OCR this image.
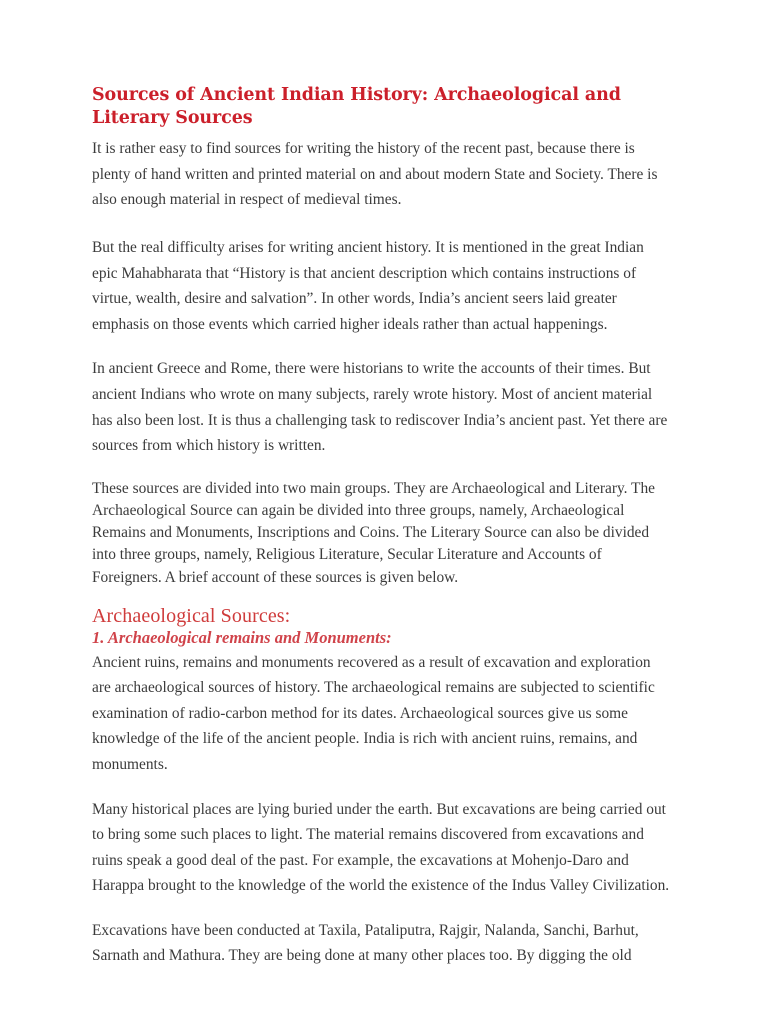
Sources of Ancient Indian History: Archaeological and Literary Sources

It is rather easy to find sources for writing the history of the recent past, because there is plenty of hand written and printed material on and about modern State and Society. There is also enough material in respect of medieval times.

But the real difficulty arises for writing ancient history. It is mentioned in the great Indian epic Mahabharata that “History is that ancient description which contains instructions of virtue, wealth, desire and salvation”. In other words, India’s ancient seers laid greater emphasis on those events which carried higher ideals rather than actual happenings.

In ancient Greece and Rome, there were historians to write the accounts of their times. But ancient Indians who wrote on many subjects, rarely wrote history. Most of ancient material has also been lost. It is thus a challenging task to rediscover India’s ancient past. Yet there are sources from which history is written.

These sources are divided into two main groups. They are Archaeological and Literary. The Archaeological Source can again be divided into three groups, namely, Archaeological Remains and Monuments, Inscriptions and Coins. The Literary Source can also be divided into three groups, namely, Religious Literature, Secular Literature and Accounts of Foreigners. A brief account of these sources is given below.

Archaeological Sources:
1. Archaeological remains and Monuments:

Ancient ruins, remains and monuments recovered as a result of excavation and exploration are archaeological sources of history. The archaeological remains are subjected to scientific examination of radio-carbon method for its dates. Archaeological sources give us some knowledge of the life of the ancient people. India is rich with ancient ruins, remains, and monuments.

Many historical places are lying buried under the earth. But excavations are being carried out to bring some such places to light. The material remains discovered from excavations and ruins speak a good deal of the past. For example, the excavations at Mohenjo-Daro and Harappa brought to the knowledge of the world the existence of the Indus Valley Civilization.

Excavations have been conducted at Taxila, Pataliputra, Rajgir, Nalanda, Sanchi, Barhut, Sarnath and Mathura. They are being done at many other places too. By digging the old
